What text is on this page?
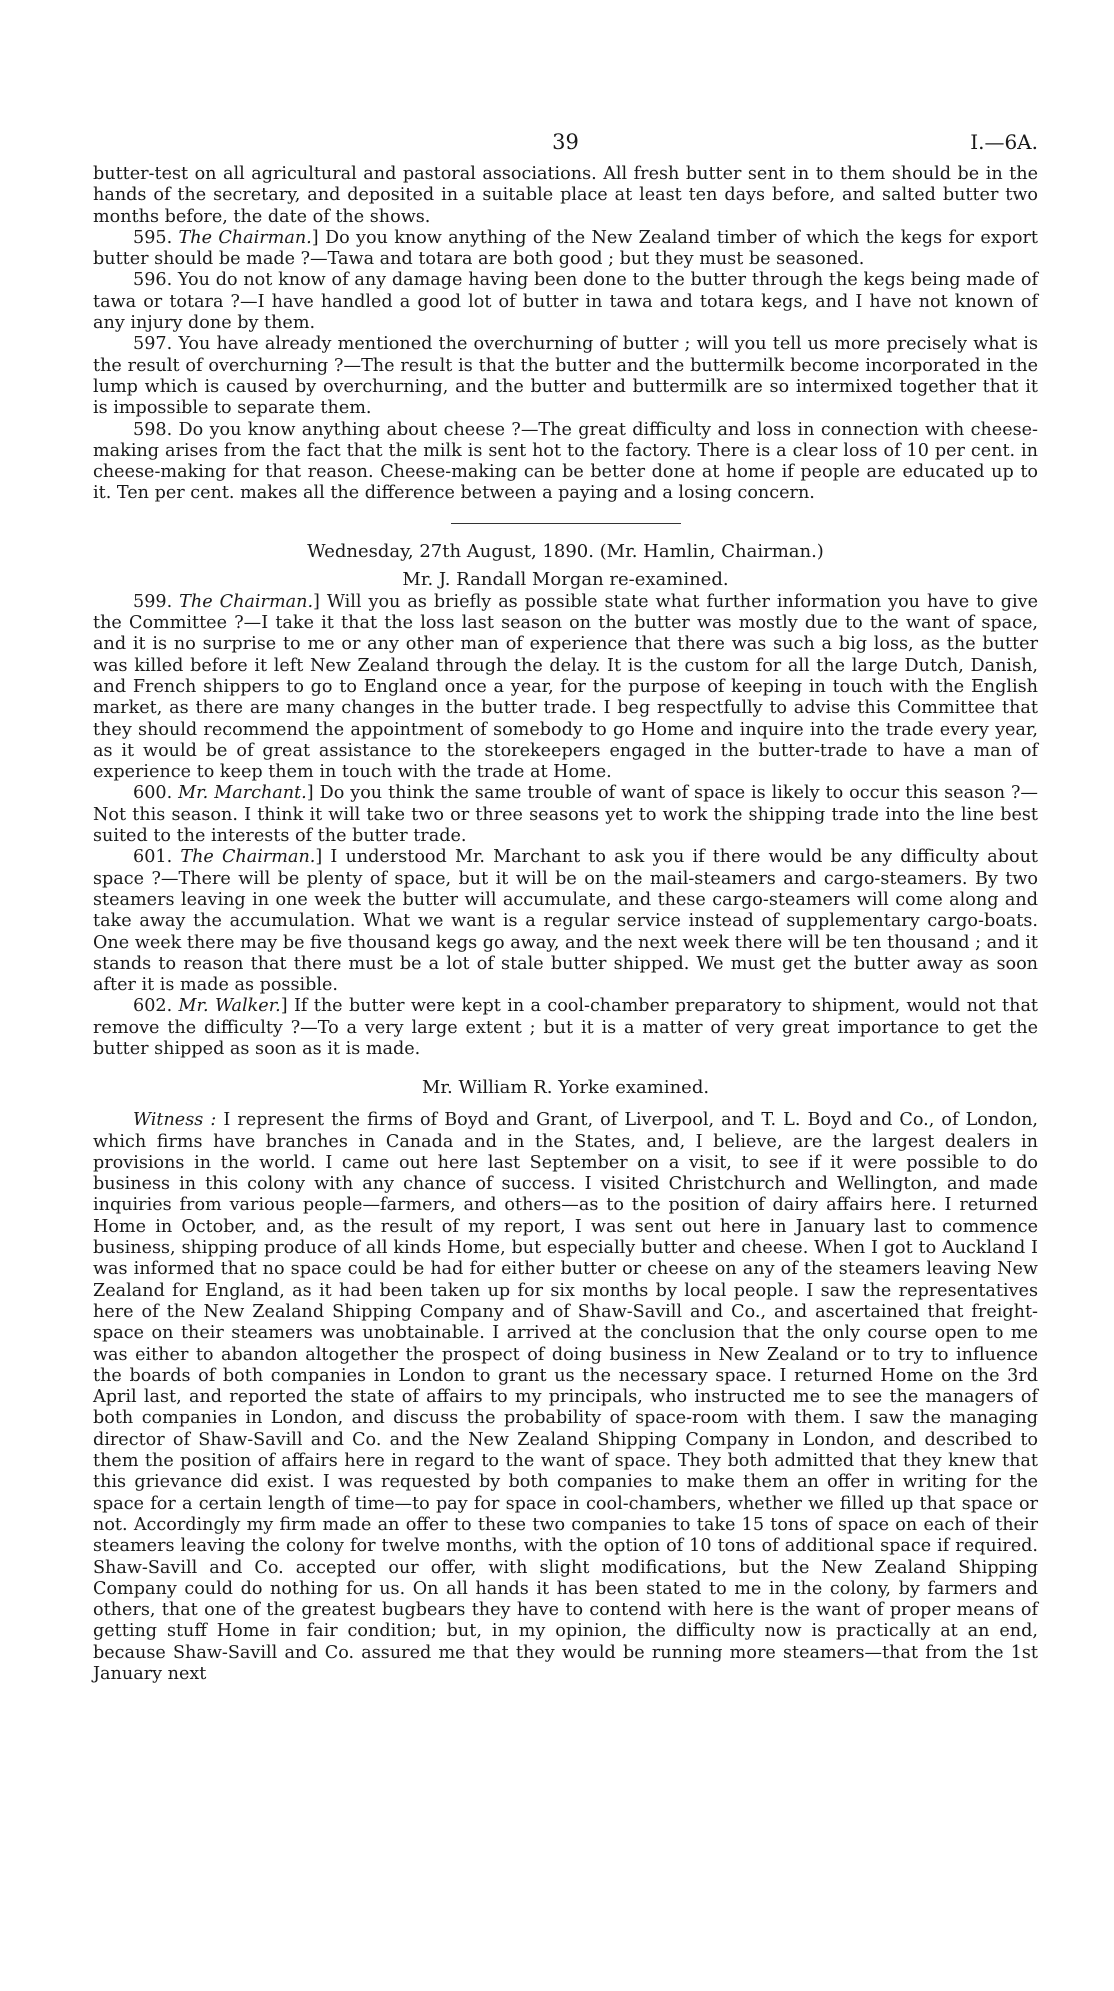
39	I.—6A.

butter-test on all agricultural and pastoral associations. All fresh butter sent in to them should be in the hands of the secretary, and deposited in a suitable place at least ten days before, and salted butter two months before, the date of the shows.

595. The Chairman.] Do you know anything of the New Zealand timber of which the kegs for export butter should be made ?—Tawa and totara are both good ; but they must be seasoned.

596. You do not know of any damage having been done to the butter through the kegs being made of tawa or totara ?—I have handled a good lot of butter in tawa and totara kegs, and I have not known of any injury done by them.

597. You have already mentioned the overchurning of butter ; will you tell us more precisely what is the result of overchurning ?—The result is that the butter and the buttermilk become incorporated in the lump which is caused by overchurning, and the butter and buttermilk are so intermixed together that it is impossible to separate them.

598. Do you know anything about cheese ?—The great difficulty and loss in connection with cheese-making arises from the fact that the milk is sent hot to the factory. There is a clear loss of 10 per cent. in cheese-making for that reason. Cheese-making can be better done at home if people are educated up to it. Ten per cent. makes all the difference between a paying and a losing concern.

Wednesday, 27th August, 1890. (Mr. Hamlin, Chairman.)

Mr. J. Randall Morgan re-examined.

599. The Chairman.] Will you as briefly as possible state what further information you have to give the Committee ?—I take it that the loss last season on the butter was mostly due to the want of space, and it is no surprise to me or any other man of experience that there was such a big loss, as the butter was killed before it left New Zealand through the delay. It is the custom for all the large Dutch, Danish, and French shippers to go to England once a year, for the purpose of keeping in touch with the English market, as there are many changes in the butter trade. I beg respectfully to advise this Committee that they should recommend the appointment of somebody to go Home and inquire into the trade every year, as it would be of great assistance to the storekeepers engaged in the butter-trade to have a man of experience to keep them in touch with the trade at Home.

600. Mr. Marchant.] Do you think the same trouble of want of space is likely to occur this season ?—Not this season. I think it will take two or three seasons yet to work the shipping trade into the line best suited to the interests of the butter trade.

601. The Chairman.] I understood Mr. Marchant to ask you if there would be any difficulty about space ?—There will be plenty of space, but it will be on the mail-steamers and cargo-steamers. By two steamers leaving in one week the butter will accumulate, and these cargo-steamers will come along and take away the accumulation. What we want is a regular service instead of supplementary cargo-boats. One week there may be five thousand kegs go away, and the next week there will be ten thousand ; and it stands to reason that there must be a lot of stale butter shipped. We must get the butter away as soon after it is made as possible.

602. Mr. Walker.] If the butter were kept in a cool-chamber preparatory to shipment, would not that remove the difficulty ?—To a very large extent ; but it is a matter of very great importance to get the butter shipped as soon as it is made.

Mr. William R. Yorke examined.

Witness : I represent the firms of Boyd and Grant, of Liverpool, and T. L. Boyd and Co., of London, which firms have branches in Canada and in the States, and, I believe, are the largest dealers in provisions in the world. I came out here last September on a visit, to see if it were possible to do business in this colony with any chance of success. I visited Christchurch and Wellington, and made inquiries from various people—farmers, and others—as to the position of dairy affairs here. I returned Home in October, and, as the result of my report, I was sent out here in January last to commence business, shipping produce of all kinds Home, but especially butter and cheese. When I got to Auckland I was informed that no space could be had for either butter or cheese on any of the steamers leaving New Zealand for England, as it had been taken up for six months by local people. I saw the representatives here of the New Zealand Shipping Company and of Shaw-Savill and Co., and ascertained that freight-space on their steamers was unobtainable. I arrived at the conclusion that the only course open to me was either to abandon altogether the prospect of doing business in New Zealand or to try to influence the boards of both companies in London to grant us the necessary space. I returned Home on the 3rd April last, and reported the state of affairs to my principals, who instructed me to see the managers of both companies in London, and discuss the probability of space-room with them. I saw the managing director of Shaw-Savill and Co. and the New Zealand Shipping Company in London, and described to them the position of affairs here in regard to the want of space. They both admitted that they knew that this grievance did exist. I was requested by both companies to make them an offer in writing for the space for a certain length of time—to pay for space in cool-chambers, whether we filled up that space or not. Accordingly my firm made an offer to these two companies to take 15 tons of space on each of their steamers leaving the colony for twelve months, with the option of 10 tons of additional space if required. Shaw-Savill and Co. accepted our offer, with slight modifications, but the New Zealand Shipping Company could do nothing for us. On all hands it has been stated to me in the colony, by farmers and others, that one of the greatest bugbears they have to contend with here is the want of proper means of getting stuff Home in fair condition; but, in my opinion, the difficulty now is practically at an end, because Shaw-Savill and Co. assured me that they would be running more steamers—that from the 1st January next
